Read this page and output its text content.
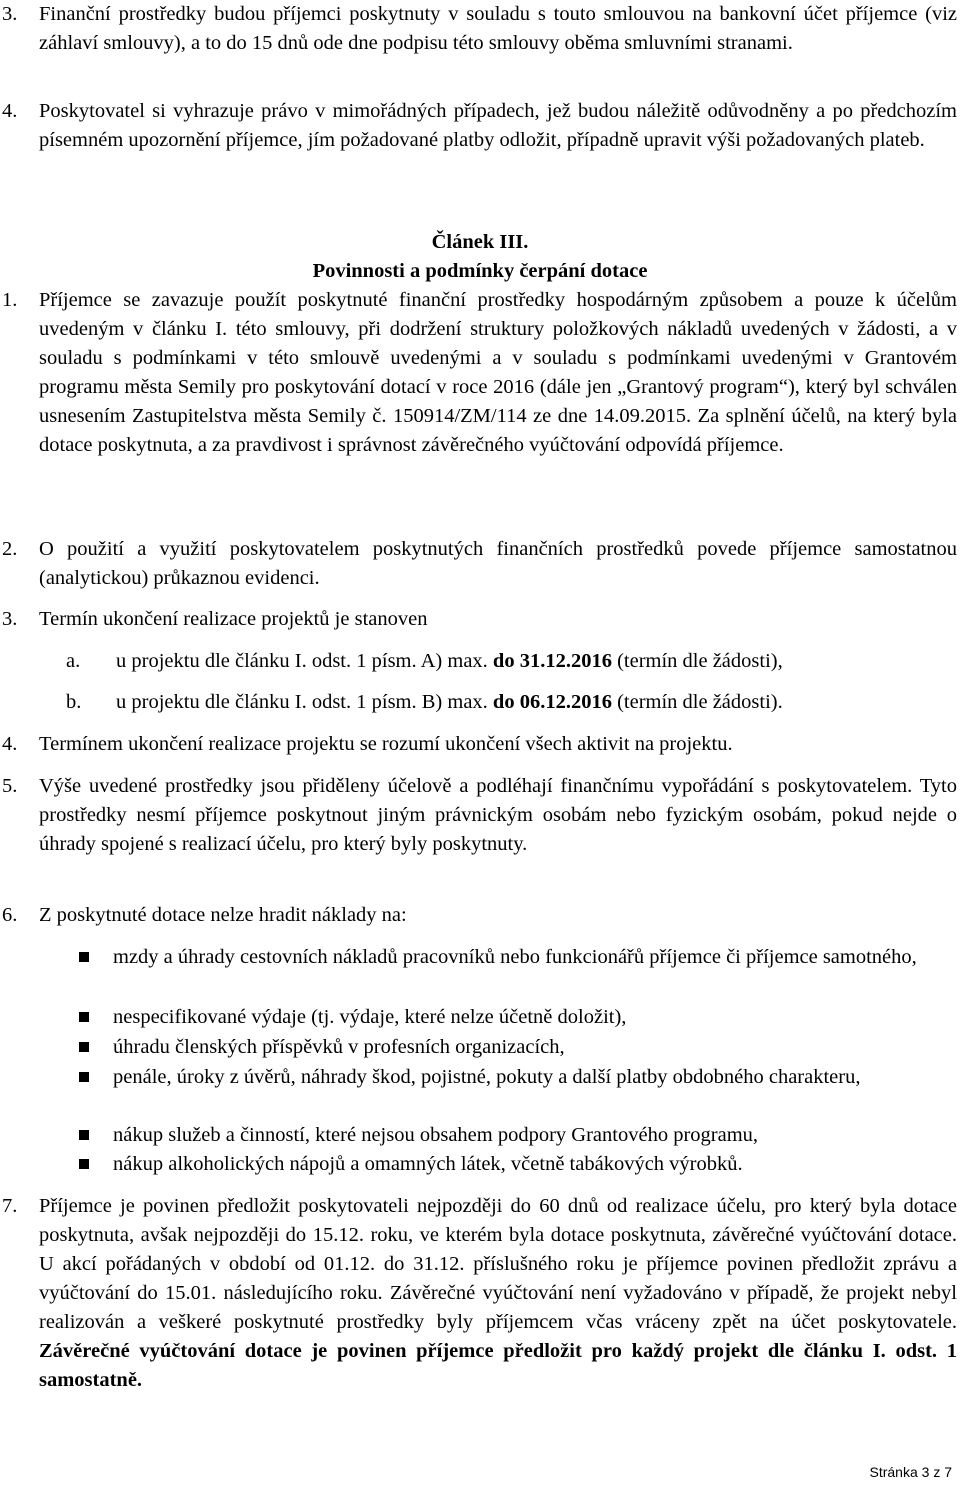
3. Finanční prostředky budou příjemci poskytnuty v souladu s touto smlouvou na bankovní účet příjemce (viz záhlaví smlouvy), a to do 15 dnů ode dne podpisu této smlouvy oběma smluvními stranami.
4. Poskytovatel si vyhrazuje právo v mimořádných případech, jež budou náležitě odůvodněny a po předchozím písemném upozornění příjemce, jím požadované platby odložit, případně upravit výši požadovaných plateb.
Článek III.
Povinnosti a podmínky čerpání dotace
1. Příjemce se zavazuje použít poskytnuté finanční prostředky hospodárným způsobem a pouze k účelům uvedeným v článku I. této smlouvy, při dodržení struktury položkových nákladů uvedených v žádosti, a v souladu s podmínkami v této smlouvě uvedenými a v souladu s podmínkami uvedenými v Grantovém programu města Semily pro poskytování dotací v roce 2016 (dále jen „Grantový program“), který byl schválen usnesením Zastupitelstva města Semily č. 150914/ZM/114 ze dne 14.09.2015. Za splnění účelů, na který byla dotace poskytnuta, a za pravdivost i správnost závěrečného vyúčtování odpovídá příjemce.
2. O použití a využití poskytovatelem poskytnutých finančních prostředků povede příjemce samostatnou (analytickou) průkaznou evidenci.
3. Termín ukončení realizace projektů je stanoven
a. u projektu dle článku I. odst. 1 písm. A) max. do 31.12.2016 (termín dle žádosti),
b. u projektu dle článku I. odst. 1 písm. B) max. do 06.12.2016 (termín dle žádosti).
4. Termínem ukončení realizace projektu se rozumí ukončení všech aktivit na projektu.
5. Výše uvedené prostředky jsou přiděleny účelově a podléhají finančnímu vypořádání s poskytovatelem. Tyto prostředky nesmí příjemce poskytnout jiným právnickým osobám nebo fyzickým osobám, pokud nejde o úhrady spojené s realizací účelu, pro který byly poskytnuty.
6. Z poskytnuté dotace nelze hradit náklady na:
mzdy a úhrady cestovních nákladů pracovníků nebo funkcionářů příjemce či příjemce samotného,
nespecifikované výdaje (tj. výdaje, které nelze účetně doložit),
úhradu členských příspěvků v profesních organizacích,
penále, úroky z úvěrů, náhrady škod, pojistné, pokuty a další platby obdobného charakteru,
nákup služeb a činností, které nejsou obsahem podpory Grantového programu,
nákup alkoholických nápojů a omamných látek, včetně tabákových výrobků.
7. Příjemce je povinen předložit poskytovateli nejpozději do 60 dnů od realizace účelu, pro který byla dotace poskytnuta, avšak nejpozději do 15.12. roku, ve kterém byla dotace poskytnuta, závěrečné vyúčtování dotace. U akcí pořádaných v období od 01.12. do 31.12. příslušného roku je příjemce povinen předložit zprávu a vyúčtování do 15.01. následujícího roku. Závěrečné vyúčtování není vyžadováno v případě, že projekt nebyl realizován a veškeré poskytnuté prostředky byly příjemcem včas vráceny zpět na účet poskytovatele. Závěrečné vyúčtování dotace je povinen příjemce předložit pro každý projekt dle článku I. odst. 1 samostatně.
Stránka 3 z 7
